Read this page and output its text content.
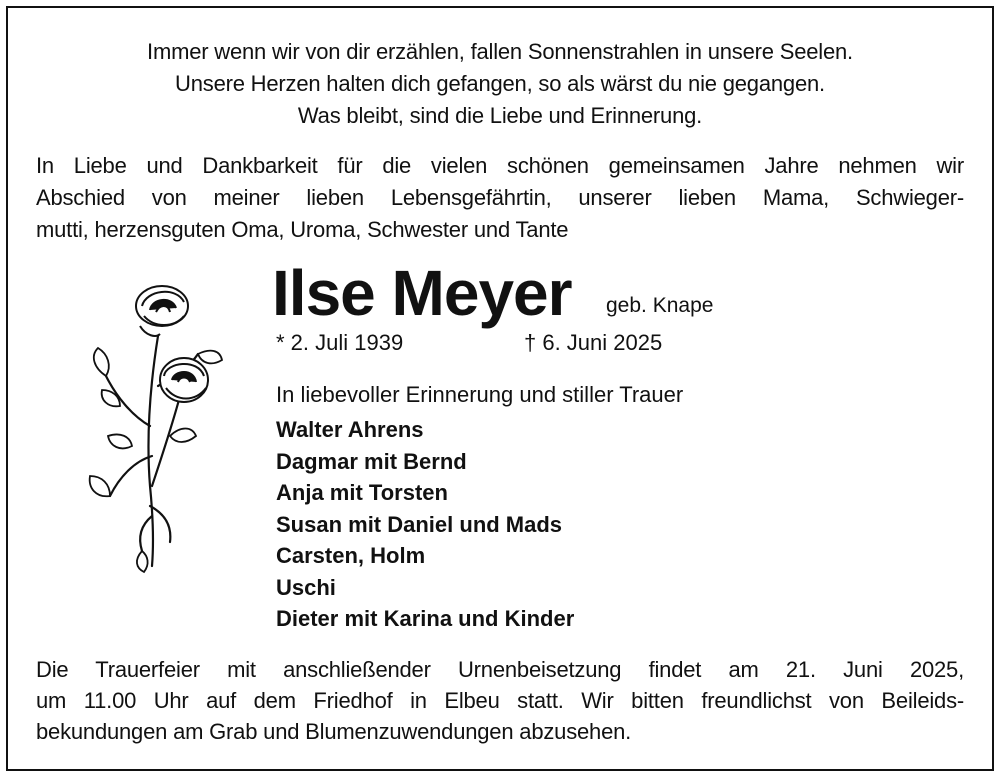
Immer wenn wir von dir erzählen, fallen Sonnenstrahlen in unsere Seelen.
Unsere Herzen halten dich gefangen, so als wärst du nie gegangen.
Was bleibt, sind die Liebe und Erinnerung.
In Liebe und Dankbarkeit für die vielen schönen gemeinsamen Jahre nehmen wir
Abschied von meiner lieben Lebensgefährtin, unserer lieben Mama, Schwieger-
mutti, herzensguten Oma, Uroma, Schwester und Tante
Ilse Meyer geb. Knape
* 2. Juli 1939	† 6. Juni 2025
In liebevoller Erinnerung und stiller Trauer
Walter Ahrens
Dagmar mit Bernd
Anja mit Torsten
Susan mit Daniel und Mads
Carsten, Holm
Uschi
Dieter mit Karina und Kinder
Die Trauerfeier mit anschließender Urnenbeisetzung findet am 21. Juni 2025,
um 11.00 Uhr auf dem Friedhof in Elbeu statt. Wir bitten freundlichst von Beileids-
bekundungen am Grab und Blumenzuwendungen abzusehen.
